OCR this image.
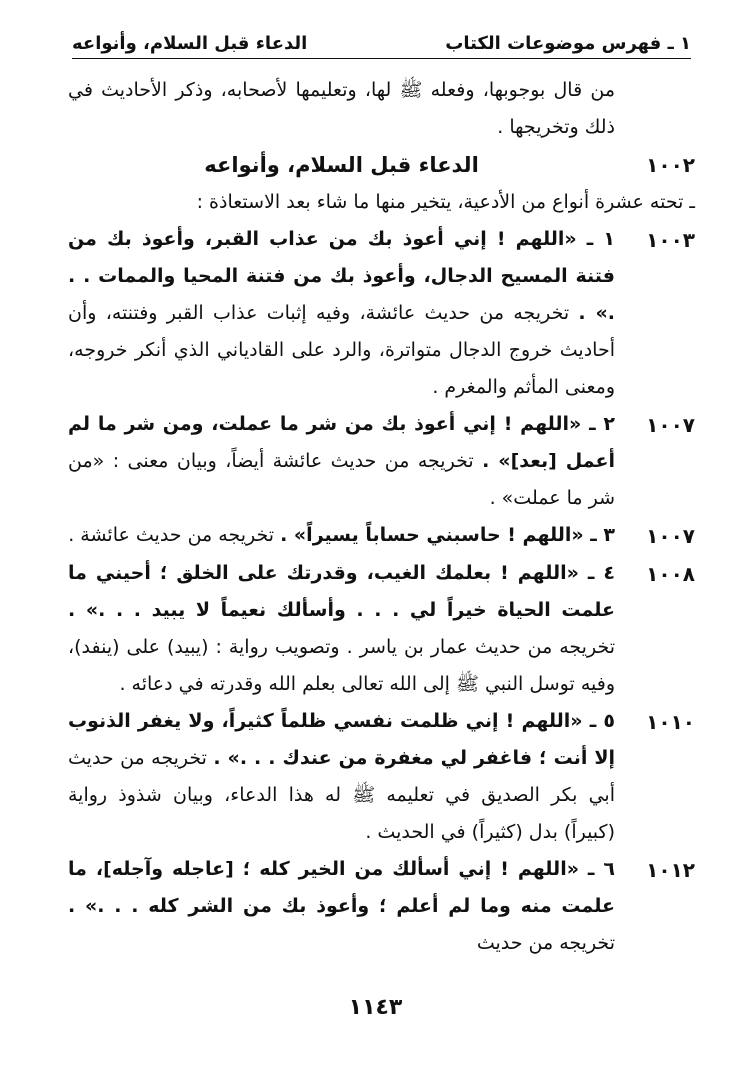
١ ـ فهرس موضوعات الكتاب
الدعاء قبل السلام، وأنواعه
من قال بوجوبها، وفعله ﷺ لها، وتعليمها لأصحابه، وذكر الأحاديث في ذلك وتخريجها .
١٠٠٢
الدعاء قبل السلام، وأنواعه
ـ تحته عشرة أنواع من الأدعية، يتخير منها ما شاء بعد الاستعاذة :
١٠٠٣
١ ـ «اللهم ! إني أعوذ بك من عذاب القبر، وأعوذ بك من فتنة المسيح الدجال، وأعوذ بك من فتنة المحيا والممات . . .» . تخريجه من حديث عائشة، وفيه إثبات عذاب القبر وفتنته، وأن أحاديث خروج الدجال متواترة، والرد على القادياني الذي أنكر خروجه، ومعنى المأثم والمغرم .
١٠٠٧
٢ ـ «اللهم ! إني أعوذ بك من شر ما عملت، ومن شر ما لم أعمل [بعد]» . تخريجه من حديث عائشة أيضاً، وبيان معنى : «من شر ما عملت» .
١٠٠٧
٣ ـ «اللهم ! حاسبني حساباً يسيراً» . تخريجه من حديث عائشة .
١٠٠٨
٤ ـ «اللهم ! بعلمك الغيب، وقدرتك على الخلق ؛ أحيني ما علمت الحياة خيراً لي . . . وأسألك نعيماً لا يبيد . . .» . تخريجه من حديث عمار بن ياسر . وتصويب رواية : (يبيد) على (ينفد)، وفيه توسل النبي ﷺ إلى الله تعالى بعلم الله وقدرته في دعائه .
١٠١٠
٥ ـ «اللهم ! إني ظلمت نفسي ظلماً كثيراً، ولا يغفر الذنوب إلا أنت ؛ فاغفر لي مغفرة من عندك . . .» . تخريجه من حديث أبي بكر الصديق في تعليمه ﷺ له هذا الدعاء، وبيان شذوذ رواية (كبيراً) بدل (كثيراً) في الحديث .
١٠١٢
٦ ـ «اللهم ! إني أسألك من الخير كله ؛ [عاجله وآجله]، ما علمت منه وما لم أعلم ؛ وأعوذ بك من الشر كله . . .» . تخريجه من حديث
١١٤٣
